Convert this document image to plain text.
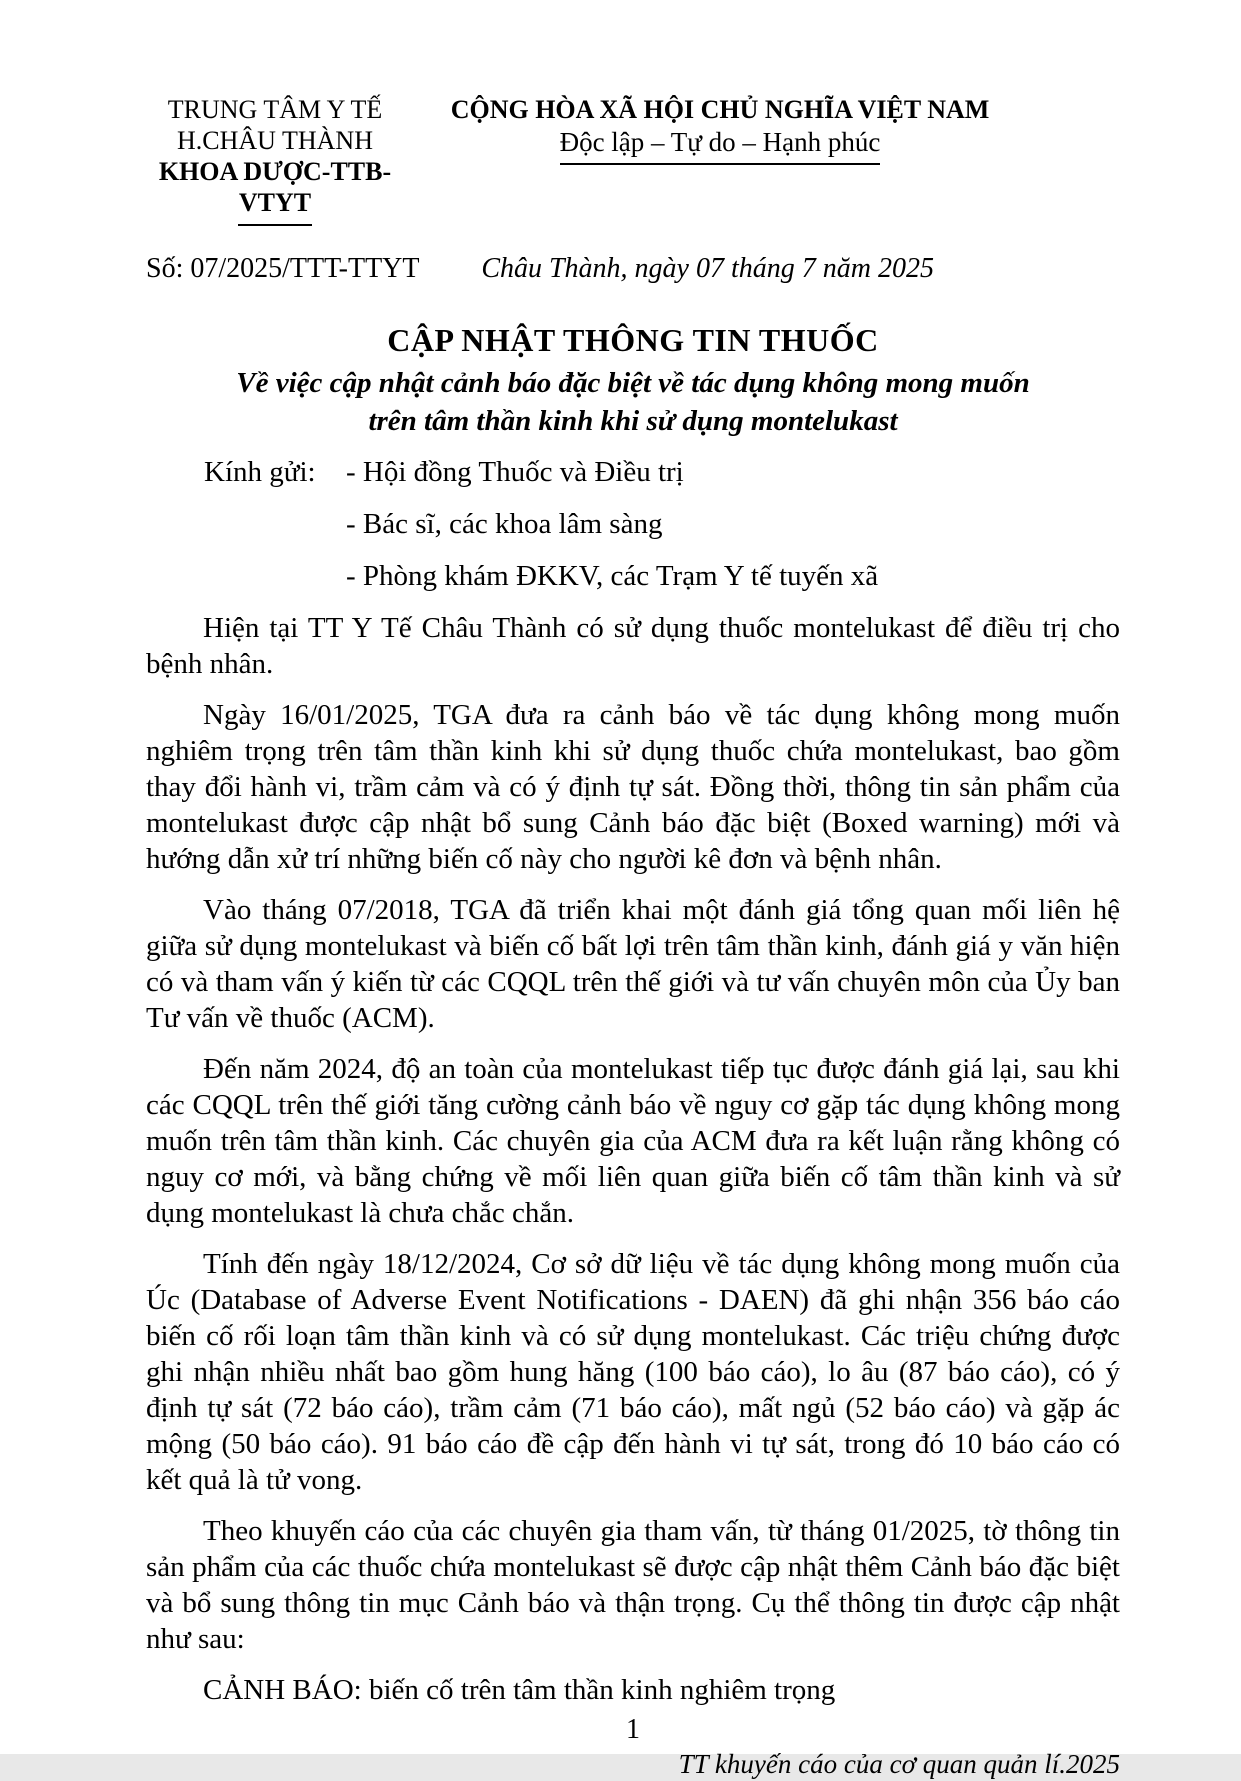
TRUNG TÂM Y TẾ
H.CHÂU THÀNH
KHOA DƯỢC-TTB-VTYT
CỘNG HÒA XÃ HỘI CHỦ NGHĨA VIỆT NAM
Độc lập – Tự do – Hạnh phúc
Số: 07/2025/TTT-TTYT Châu Thành, ngày 07 tháng 7 năm 2025
CẬP NHẬT THÔNG TIN THUỐC
Về việc cập nhật cảnh báo đặc biệt về tác dụng không mong muốn
trên tâm thần kinh khi sử dụng montelukast
Kính gửi:	- Hội đồng Thuốc và Điều trị
- Bác sĩ, các khoa lâm sàng
- Phòng khám ĐKKV, các Trạm Y tế tuyến xã

Hiện tại TT Y Tế Châu Thành có sử dụng thuốc montelukast để điều trị cho bệnh nhân.

Ngày 16/01/2025, TGA đưa ra cảnh báo về tác dụng không mong muốn nghiêm trọng trên tâm thần kinh khi sử dụng thuốc chứa montelukast, bao gồm thay đổi hành vi, trầm cảm và có ý định tự sát. Đồng thời, thông tin sản phẩm của montelukast được cập nhật bổ sung Cảnh báo đặc biệt (Boxed warning) mới và hướng dẫn xử trí những biến cố này cho người kê đơn và bệnh nhân.

Vào tháng 07/2018, TGA đã triển khai một đánh giá tổng quan mối liên hệ giữa sử dụng montelukast và biến cố bất lợi trên tâm thần kinh, đánh giá y văn hiện có và tham vấn ý kiến từ các CQQL trên thế giới và tư vấn chuyên môn của Ủy ban Tư vấn về thuốc (ACM).

Đến năm 2024, độ an toàn của montelukast tiếp tục được đánh giá lại, sau khi các CQQL trên thế giới tăng cường cảnh báo về nguy cơ gặp tác dụng không mong muốn trên tâm thần kinh. Các chuyên gia của ACM đưa ra kết luận rằng không có nguy cơ mới, và bằng chứng về mối liên quan giữa biến cố tâm thần kinh và sử dụng montelukast là chưa chắc chắn.

Tính đến ngày 18/12/2024, Cơ sở dữ liệu về tác dụng không mong muốn của Úc (Database of Adverse Event Notifications - DAEN) đã ghi nhận 356 báo cáo biến cố rối loạn tâm thần kinh và có sử dụng montelukast. Các triệu chứng được ghi nhận nhiều nhất bao gồm hung hăng (100 báo cáo), lo âu (87 báo cáo), có ý định tự sát (72 báo cáo), trầm cảm (71 báo cáo), mất ngủ (52 báo cáo) và gặp ác mộng (50 báo cáo). 91 báo cáo đề cập đến hành vi tự sát, trong đó 10 báo cáo có kết quả là tử vong.

Theo khuyến cáo của các chuyên gia tham vấn, từ tháng 01/2025, tờ thông tin sản phẩm của các thuốc chứa montelukast sẽ được cập nhật thêm Cảnh báo đặc biệt và bổ sung thông tin mục Cảnh báo và thận trọng. Cụ thể thông tin được cập nhật như sau:

CẢNH BÁO: biến cố trên tâm thần kinh nghiêm trọng

1
TT khuyến cáo của cơ quan quản lí.2025
